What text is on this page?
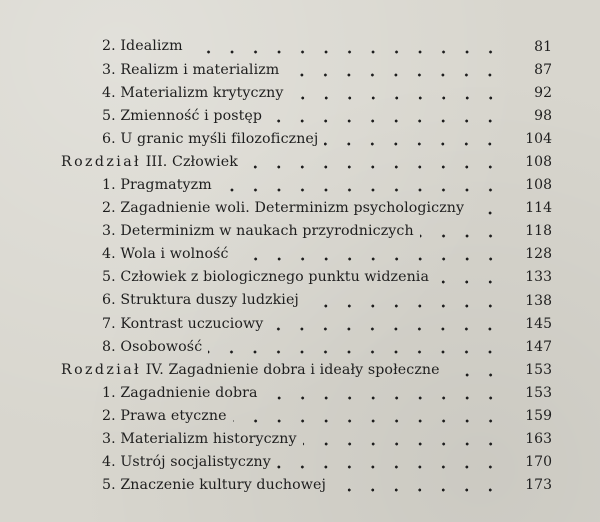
2. Idealizm	81
3. Realizm i materializm	87
4. Materializm krytyczny	92
5. Zmienność i postęp	98
6. U granic myśli filozoficznej	104
Rozdział III. Człowiek	108
1. Pragmatyzm	108
2. Zagadnienie woli. Determinizm psychologiczny	114
3. Determinizm w naukach przyrodniczych	118
4. Wola i wolność	128
5. Człowiek z biologicznego punktu widzenia	133
6. Struktura duszy ludzkiej	138
7. Kontrast uczuciowy	145
8. Osobowość	147
Rozdział IV. Zagadnienie dobra i ideały społeczne	153
1. Zagadnienie dobra	153
2. Prawa etyczne	159
3. Materializm historyczny	163
4. Ustrój socjalistyczny	170
5. Znaczenie kultury duchowej	173
